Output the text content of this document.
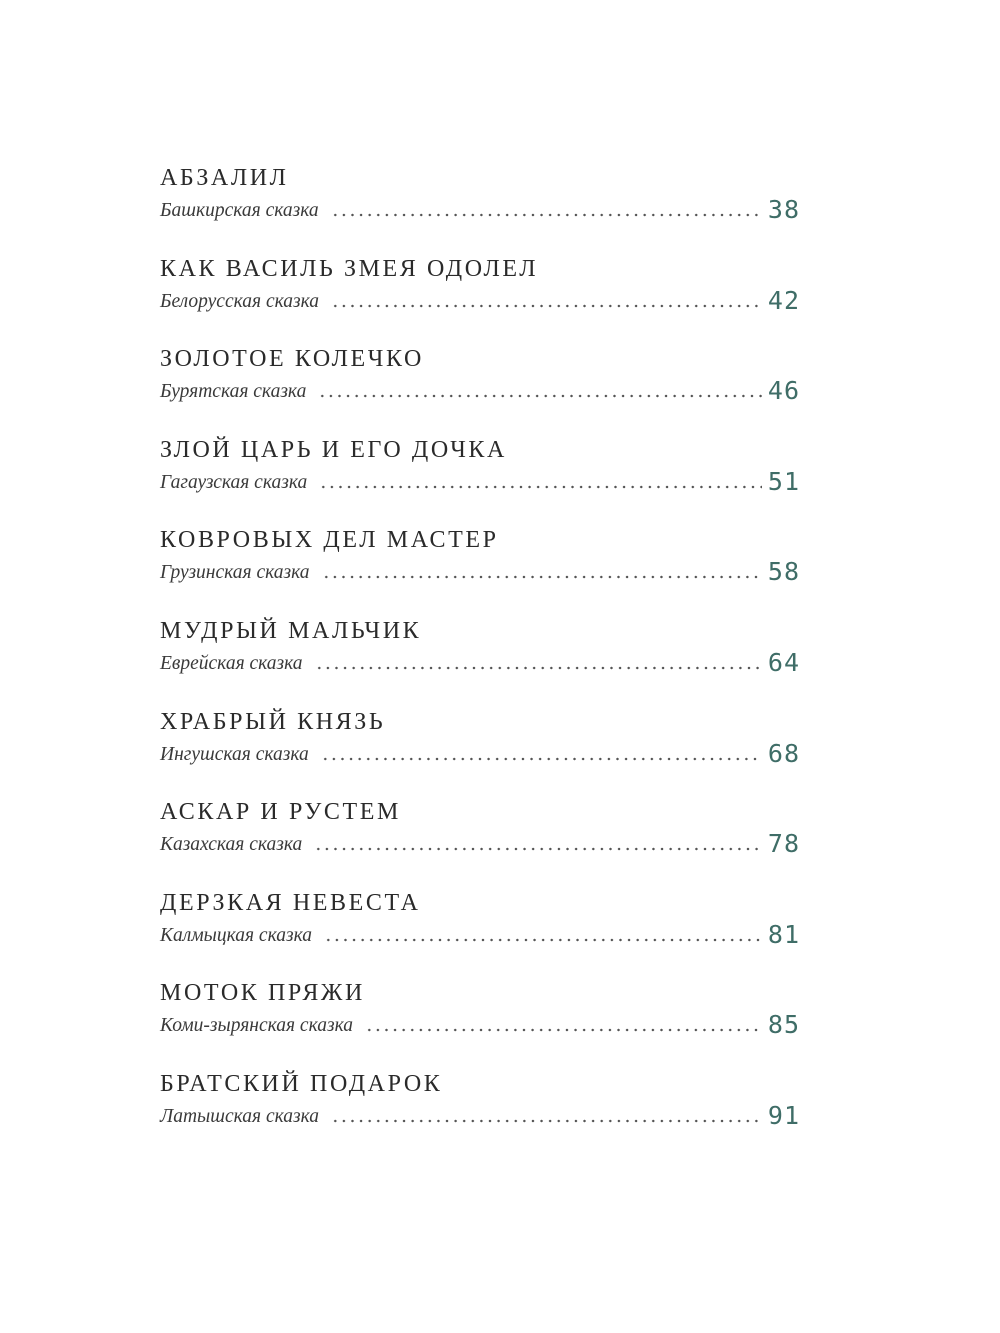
АБЗАЛИЛ
Башкирская сказка	38
КАК ВАСИЛЬ ЗМЕЯ ОДОЛЕЛ
Белорусская сказка	42
ЗОЛОТОЕ КОЛЕЧКО
Бурятская сказка	46
ЗЛОЙ ЦАРЬ И ЕГО ДОЧКА
Гагаузская сказка	51
КОВРОВЫХ ДЕЛ МАСТЕР
Грузинская сказка	58
МУДРЫЙ МАЛЬЧИК
Еврейская сказка	64
ХРАБРЫЙ КНЯЗЬ
Ингушская сказка	68
АСКАР И РУСТЕМ
Казахская сказка	78
ДЕРЗКАЯ НЕВЕСТА
Калмыцкая сказка	81
МОТОК ПРЯЖИ
Коми-зырянская сказка	85
БРАТСКИЙ ПОДАРОК
Латышская сказка	91
